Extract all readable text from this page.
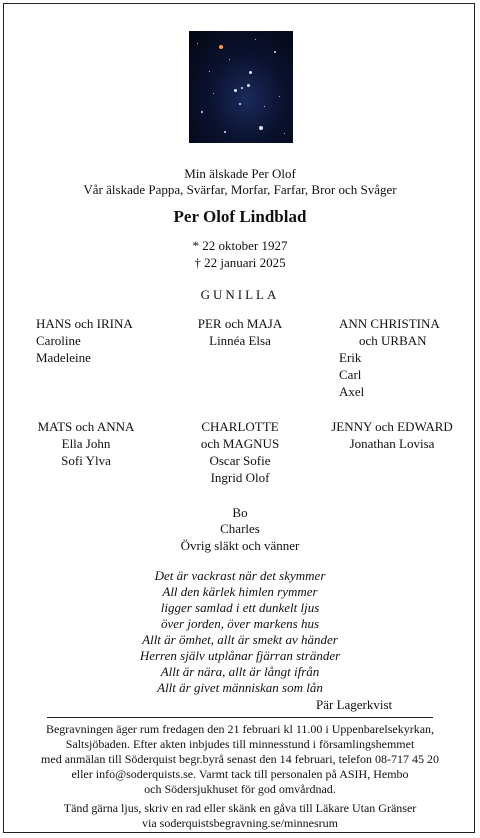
Min älskade Per Olof
Vår älskade Pappa, Svärfar, Morfar, Farfar, Bror och Svåger
Per Olof Lindblad
* 22 oktober 1927
† 22 januari 2025
GUNILLA
HANS och IRINA
Caroline
Madeleine
PER och MAJA
Linnéa Elsa
ANN CHRISTINA
och URBAN
Erik
Carl
Axel
MATS och ANNA
Ella John
Sofi Ylva
CHARLOTTE
och MAGNUS
Oscar Sofie
Ingrid Olof
JENNY och EDWARD
Jonathan Lovisa
Bo
Charles
Övrig släkt och vänner
Det är vackrast när det skymmer
All den kärlek himlen rymmer
ligger samlad i ett dunkelt ljus
över jorden, över markens hus
Allt är ömhet, allt är smekt av händer
Herren själv utplånar fjärran stränder
Allt är nära, allt är långt ifrån
Allt är givet människan som lån
Pär Lagerkvist
Begravningen äger rum fredagen den 21 februari kl 11.00 i Uppenbarelsekyrkan,
Saltsjöbaden. Efter akten inbjudes till minnesstund i församlingshemmet
med anmälan till Söderquist begr.byrå senast den 14 februari, telefon 08-717 45 20
eller info@soderquists.se. Varmt tack till personalen på ASIH, Hembo
och Södersjukhuset för god omvårdnad.
Tänd gärna ljus, skriv en rad eller skänk en gåva till Läkare Utan Gränser
via soderquistsbegravning.se/minnesrum
